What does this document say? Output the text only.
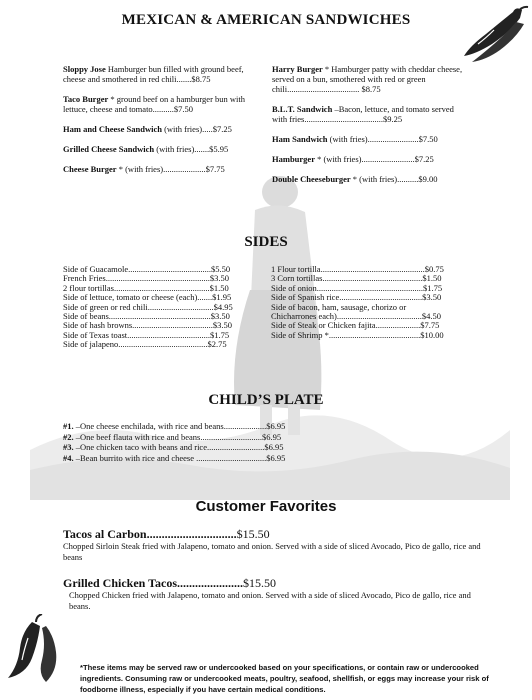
MEXICAN & AMERICAN SANDWICHES
Sloppy Jose Hamburger bun filled with ground beef, cheese and smothered in red chili.......$8.75
Taco Burger * ground beef on a hamburger bun with lettuce, cheese and tomato..........$7.50
Ham and Cheese Sandwich (with fries).....$7.25
Grilled Cheese Sandwich (with fries).......$5.95
Cheese Burger * (with fries)....................$7.75
Harry Burger * Hamburger patty with cheddar cheese, served on a bun, smothered with red or green chili.................................. $8.75
B.L.T. Sandwich –Bacon, lettuce, and tomato served with fries.....................................$9.25
Ham Sandwich (with fries)........................$7.50
Hamburger * (with fries).........................$7.25
Double Cheeseburger * (with fries)..........$9.00
SIDES
Side of Guacamole.......................................$5.50
French Fries.................................................$3.50
2 flour tortillas.............................................$1.50
Side of lettuce, tomato or cheese (each).......$1.95
Side of green or red chili...............................$4.95
Side of beans................................................$3.50
Side of hash browns......................................$3.50
Side of Texas toast.......................................$1.75
Side of jalapeno..........................................$2.75
1 Flour tortilla.................................................$0.75
3 Corn tortillas...............................................$1.50
Side of onion..................................................$1.75
Side of Spanish rice.......................................$3.50
Side of bacon, ham, sausage, chorizo or
Chicharrones each)........................................$4.50
Side of Steak or Chicken fajita.....................$7.75
Side of Shrimp *...........................................$10.00
CHILD’S PLATE
#1. –One cheese enchilada, with rice and beans....................$6.95
#2. –One beef flauta with rice and beans.............................$6.95
#3. –One chicken taco with beans and rice...........................$6.95
#4. –Bean burrito with rice and cheese .................................$6.95
Customer Favorites
Tacos al Carbon..............................$15.50
Chopped Sirloin Steak fried with Jalapeno, tomato and onion. Served with a side of sliced Avocado, Pico de gallo, rice and beans
Grilled Chicken Tacos......................$15.50
Chopped Chicken fried with Jalapeno, tomato and onion. Served with a side of sliced Avocado, Pico de gallo, rice and beans.
*These items may be served raw or undercooked based on your specifications, or contain raw or undercooked ingredients. Consuming raw or undercooked meats, poultry, seafood, shellfish, or eggs may increase your risk of foodborne illness, especially if you have certain medical conditions.
